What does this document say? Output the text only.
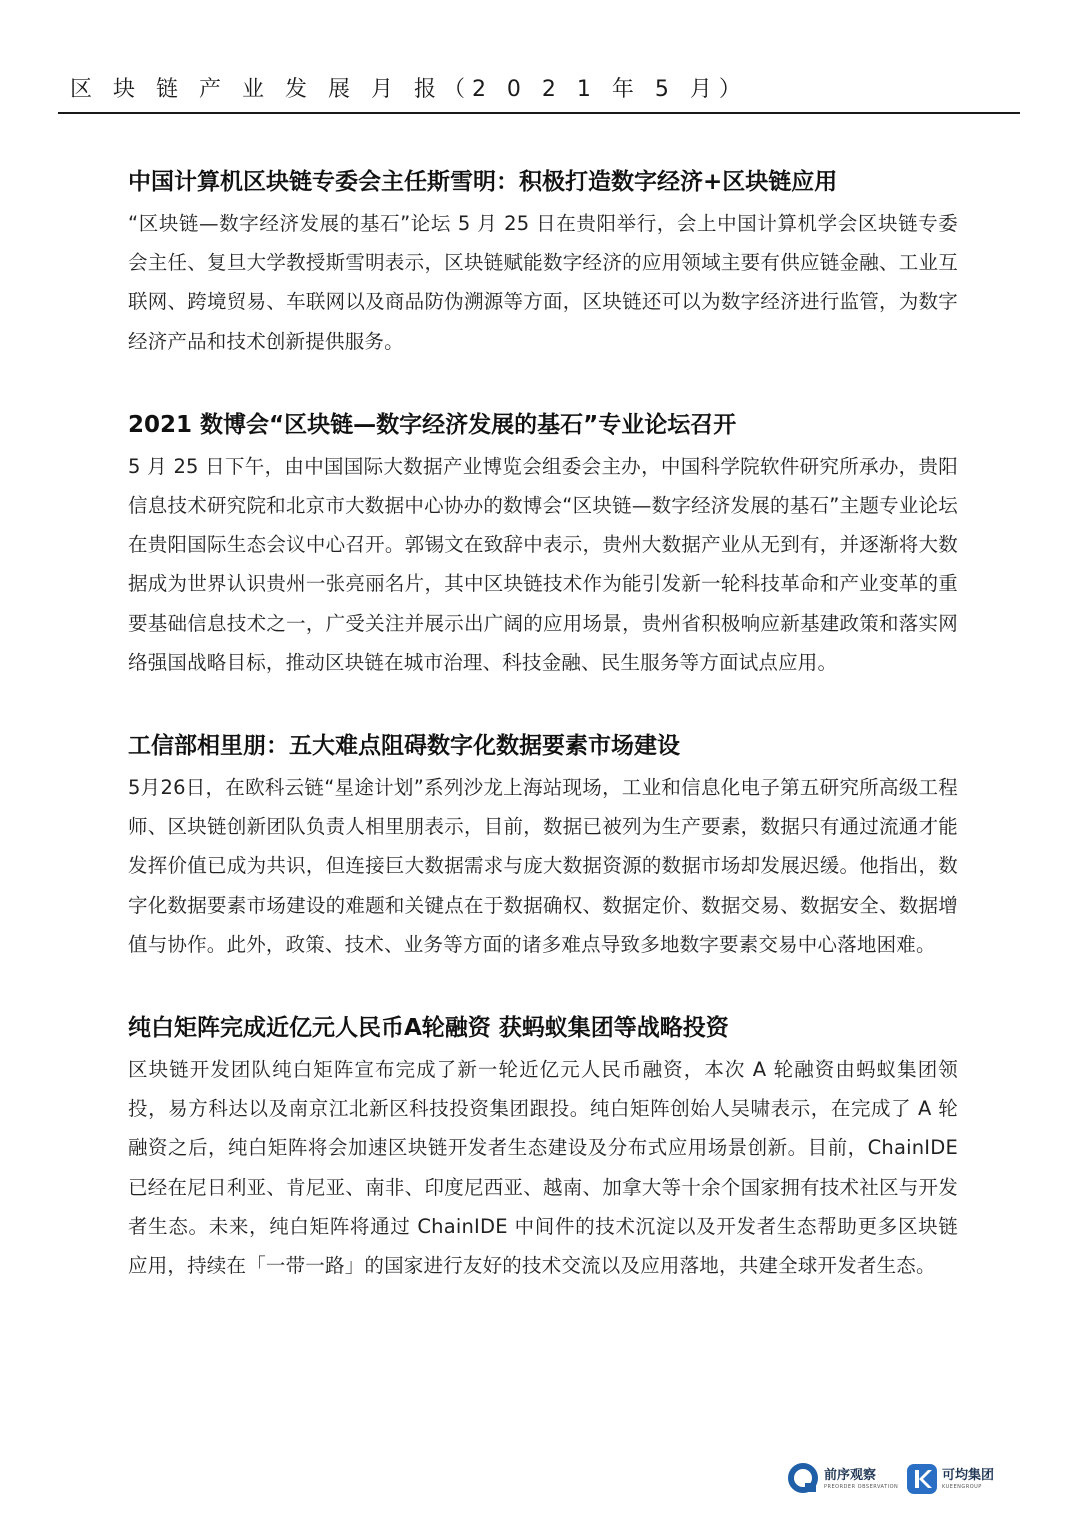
区 块 链 产 业 发 展 月 报（2 0 2 1 年 5 月）

中国计算机区块链专委会主任斯雪明：积极打造数字经济+区块链应用

“区块链—数字经济发展的基石”论坛 5 月 25 日在贵阳举行，会上中国计算机学会区块链专委会主任、复旦大学教授斯雪明表示，区块链赋能数字经济的应用领域主要有供应链金融、工业互联网、跨境贸易、车联网以及商品防伪溯源等方面，区块链还可以为数字经济进行监管，为数字经济产品和技术创新提供服务。

2021 数博会“区块链—数字经济发展的基石”专业论坛召开

5 月 25 日下午，由中国国际大数据产业博览会组委会主办，中国科学院软件研究所承办，贵阳信息技术研究院和北京市大数据中心协办的数博会“区块链—数字经济发展的基石”主题专业论坛在贵阳国际生态会议中心召开。郭锡文在致辞中表示，贵州大数据产业从无到有，并逐渐将大数据成为世界认识贵州一张亮丽名片，其中区块链技术作为能引发新一轮科技革命和产业变革的重要基础信息技术之一，广受关注并展示出广阔的应用场景，贵州省积极响应新基建政策和落实网络强国战略目标，推动区块链在城市治理、科技金融、民生服务等方面试点应用。

工信部相里朋：五大难点阻碍数字化数据要素市场建设

5月26日，在欧科云链“星途计划”系列沙龙上海站现场，工业和信息化电子第五研究所高级工程师、区块链创新团队负责人相里朋表示，目前，数据已被列为生产要素，数据只有通过流通才能发挥价值已成为共识，但连接巨大数据需求与庞大数据资源的数据市场却发展迟缓。他指出，数字化数据要素市场建设的难题和关键点在于数据确权、数据定价、数据交易、数据安全、数据增值与协作。此外，政策、技术、业务等方面的诸多难点导致多地数字要素交易中心落地困难。

纯白矩阵完成近亿元人民币A轮融资 获蚂蚁集团等战略投资

区块链开发团队纯白矩阵宣布完成了新一轮近亿元人民币融资，本次 A 轮融资由蚂蚁集团领投，易方科达以及南京江北新区科技投资集团跟投。纯白矩阵创始人吴啸表示，在完成了 A 轮融资之后，纯白矩阵将会加速区块链开发者生态建设及分布式应用场景创新。目前，ChainIDE 已经在尼日利亚、肯尼亚、南非、印度尼西亚、越南、加拿大等十余个国家拥有技术社区与开发者生态。未来，纯白矩阵将通过 ChainIDE 中间件的技术沉淀以及开发者生态帮助更多区块链应用，持续在「一带一路」的国家进行友好的技术交流以及应用落地，共建全球开发者生态。

前序观察
PREORDER OBSERVATION
可均集团
KUEENGROUP
